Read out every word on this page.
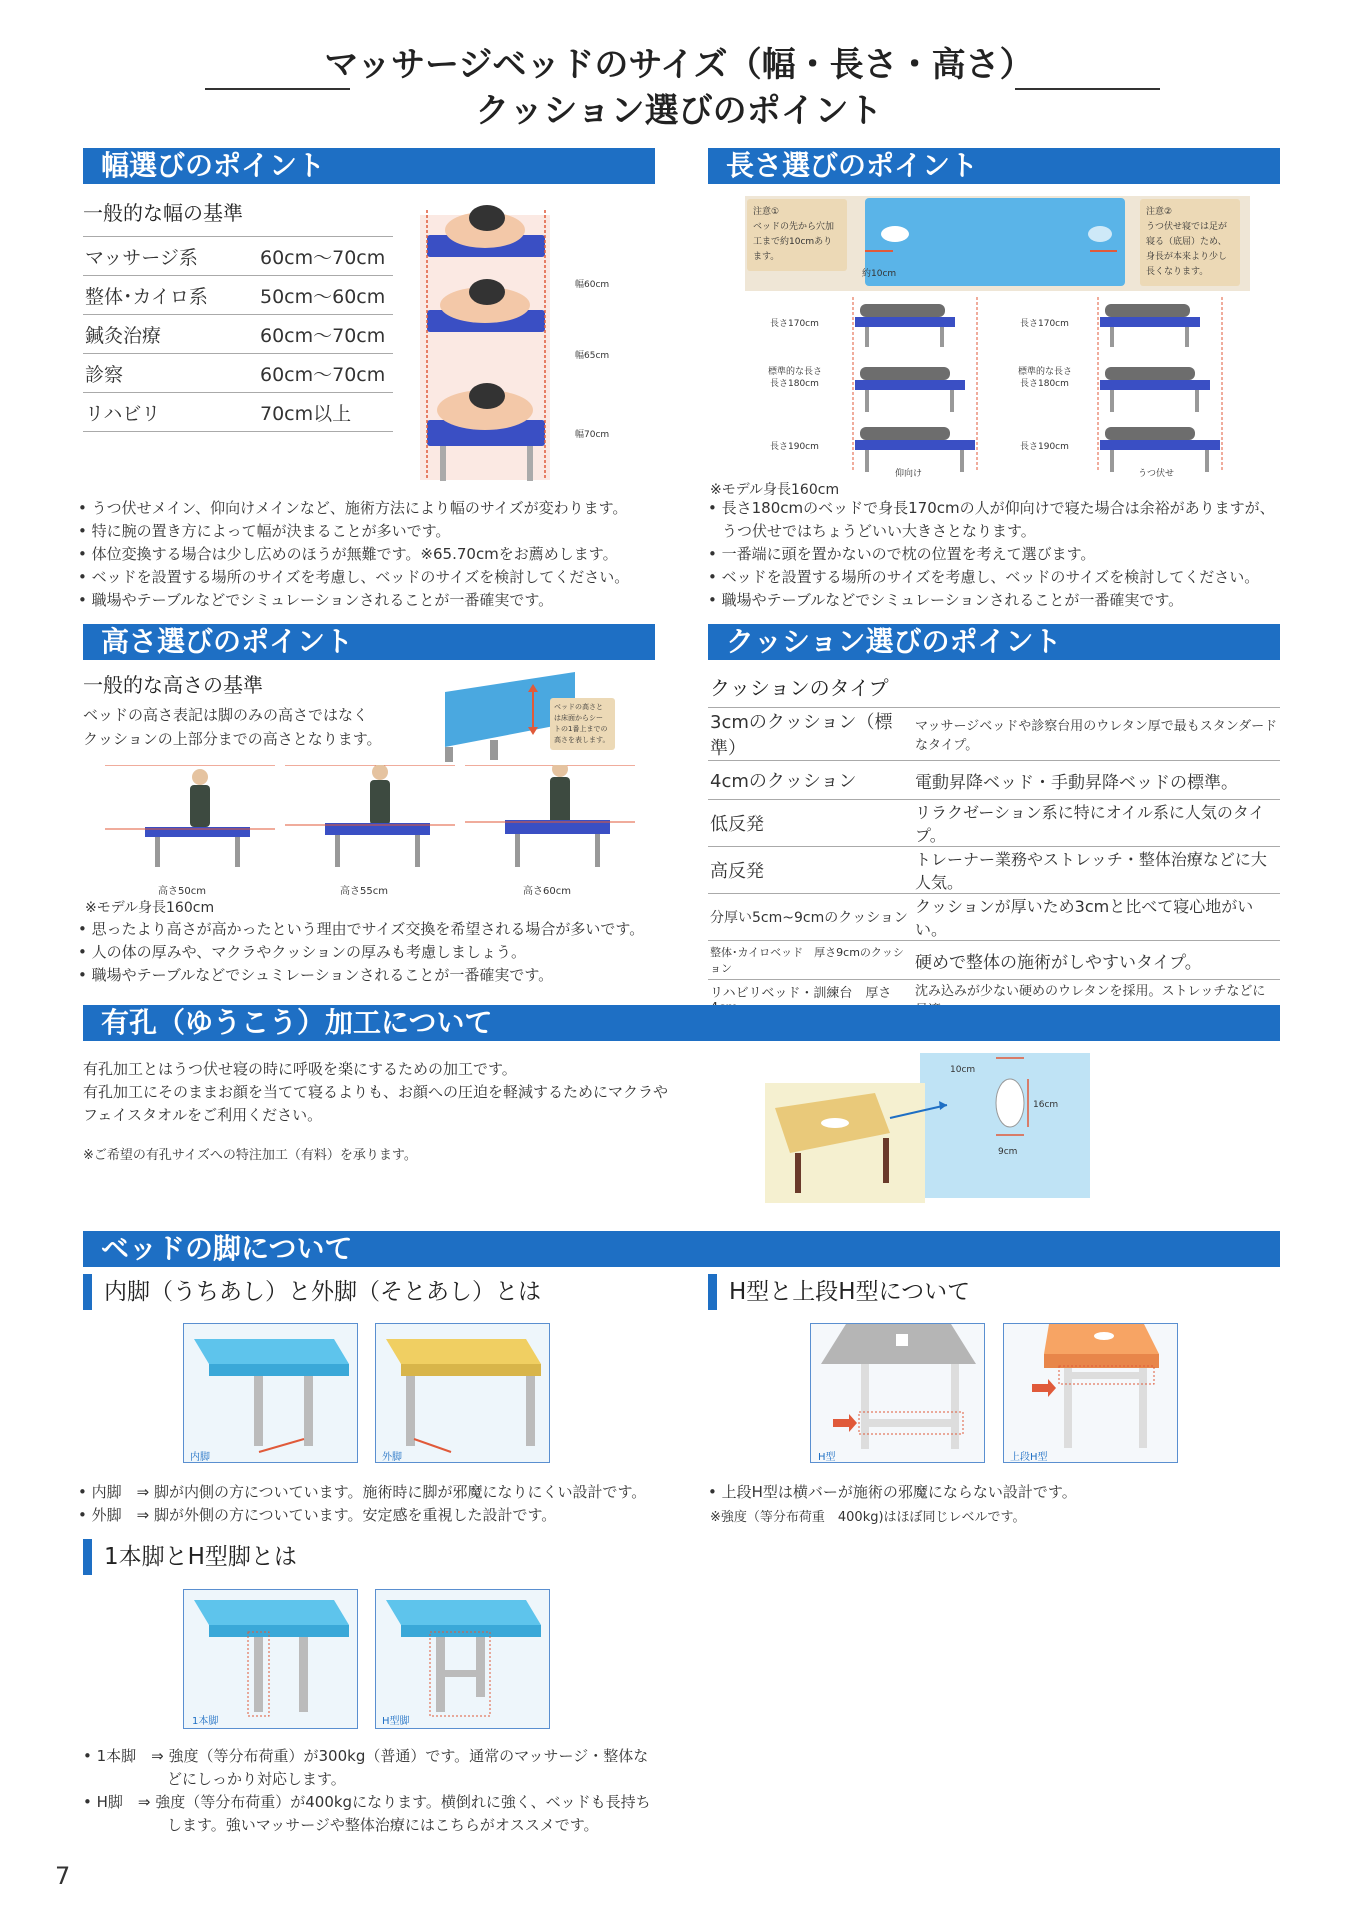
マッサージベッドのサイズ（幅・長さ・高さ）
クッション選びのポイント
幅選びのポイント
一般的な幅の基準
マッサージ系	60cm～70cm
整体･カイロ系	50cm～60cm
鍼灸治療	60cm～70cm
診察	60cm～70cm
リハビリ	70cm以上
幅60cm
幅65cm
幅70cm
• うつ伏せメイン、仰向けメインなど、施術方法により幅のサイズが変わります。
• 特に腕の置き方によって幅が決まることが多いです。
• 体位変換する場合は少し広めのほうが無難です。※65.70cmをお薦めします。
• ベッドを設置する場所のサイズを考慮し、ベッドのサイズを検討してください。
• 職場やテーブルなどでシミュレーションされることが一番確実です。
長さ選びのポイント
注意①
ベッドの先から穴加
工まで約10cmあり
ます。
注意②
うつ伏せ寝では足が
寝る（底屈）ため、
身長が本来より少し
長くなります。
約10cm
長さ170cm
標準的な長さ
長さ180cm
長さ190cm
長さ170cm
標準的な長さ
長さ180cm
長さ190cm
仰向け	うつ伏せ
※モデル身長160cm
• 長さ180cmのベッドで身長170cmの人が仰向けで寝た場合は余裕がありますが、うつ伏せではちょうどいい大きさとなります。
• 一番端に頭を置かないので枕の位置を考えて選びます。
• ベッドを設置する場所のサイズを考慮し、ベッドのサイズを検討してください。
• 職場やテーブルなどでシミュレーションされることが一番確実です。
高さ選びのポイント
一般的な高さの基準
ベッドの高さ表記は脚のみの高さではなく
クッションの上部分までの高さとなります。
ベッドの高さと
は床面からシー
トの1番上までの
高さを表します。
高さ50cm	高さ55cm	高さ60cm
※モデル身長160cm
• 思ったより高さが高かったという理由でサイズ交換を希望される場合が多いです。
• 人の体の厚みや、マクラやクッションの厚みも考慮しましょう。
• 職場やテーブルなどでシュミレーションされることが一番確実です。
クッション選びのポイント
クッションのタイプ
3cmのクッション（標準）	マッサージベッドや診察台用のウレタン厚で最もスタンダードなタイプ。
4cmのクッション	電動昇降ベッド・手動昇降ベッドの標準。
低反発	リラクゼーション系に特にオイル系に人気のタイプ。
高反発	トレーナー業務やストレッチ・整体治療などに大人気。
分厚い5cm~9cmのクッション	クッションが厚いため3cmと比べて寝心地がいい。
整体･カイロベッド　厚さ9cmのクッション	硬めで整体の施術がしやすいタイプ。
リハビリベッド・訓練台　厚さ	沈み込みが少ない硬めのウレタンを採用。ストレッチなどに
有孔（ゆうこう）加工について
有孔加工とはうつ伏せ寝の時に呼吸を楽にするための加工です。
有孔加工にそのままお顔を当てて寝るよりも、お顔への圧迫を軽減するためにマクラや
フェイスタオルをご利用ください。
※ご希望の有孔サイズへの特注加工（有料）を承ります。
10cm
16cm
9cm
ベッドの脚について
内脚（うちあし）と外脚（そとあし）とは
内脚	外脚
• 内脚　⇒ 脚が内側の方についています。施術時に脚が邪魔になりにくい設計です。
• 外脚　⇒ 脚が外側の方についています。安定感を重視した設計です。
1本脚とH型脚とは
1本脚	H型脚
• 1本脚　⇒ 強度（等分布荷重）が300kg（普通）です。通常のマッサージ・整体などにしっかり対応します。
• H脚　⇒ 強度（等分布荷重）が400kgになります。横倒れに強く、ベッドも長持ちします。強いマッサージや整体治療にはこちらがオススメです。
H型と上段H型について
H型	上段H型
• 上段H型は横バーが施術の邪魔にならない設計です。
※強度（等分布荷重　400kg)はほぼ同じレベルです。
7
